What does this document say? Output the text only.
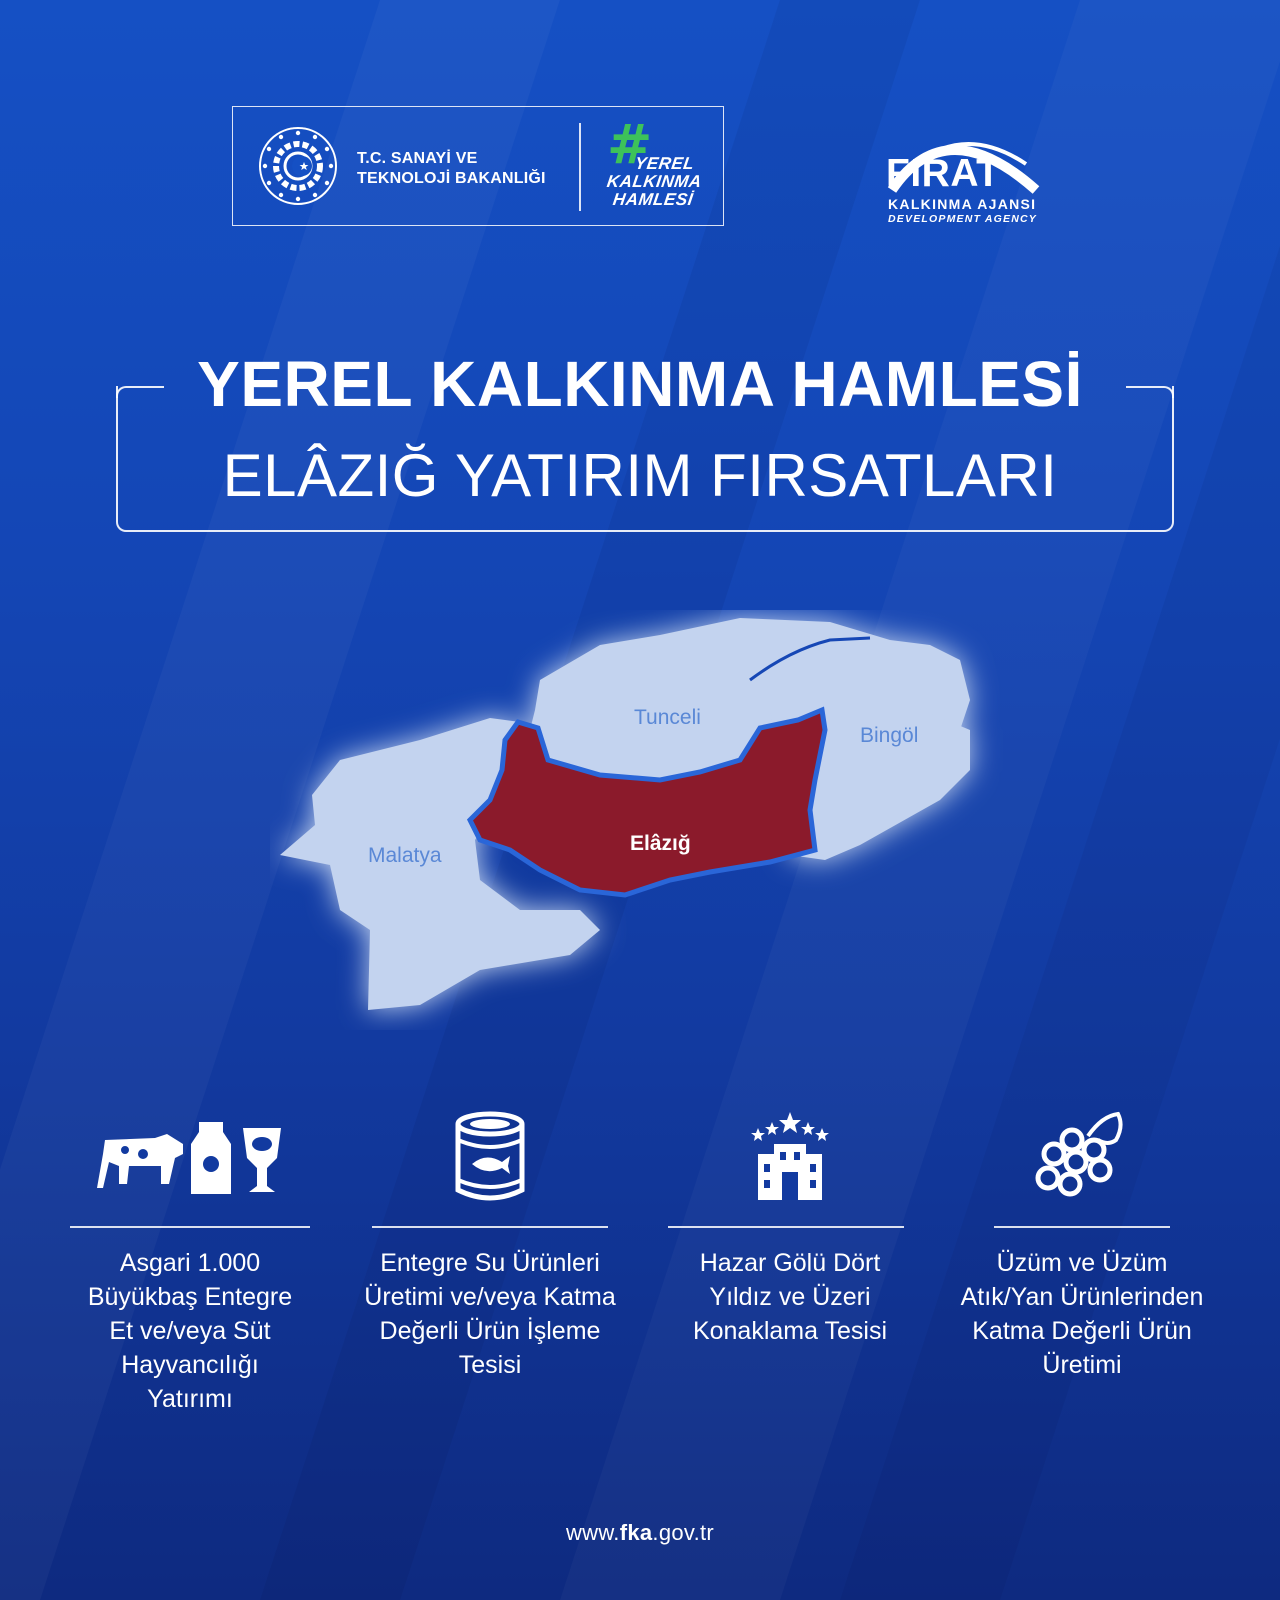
T.C. SANAYİ VE
TEKNOLOJİ BAKANLIĞI
#
YEREL
KALKINMA
HAMLESİ
FIRAT
KALKINMA AJANSI
DEVELOPMENT AGENCY
YEREL KALKINMA HAMLESİ
ELÂZIĞ YATIRIM FIRSATLARI
Tunceli
Bingöl
Malatya
Elâzığ
Asgari 1.000
Büyükbaş Entegre
Et ve/veya Süt
Hayvancılığı
Yatırımı
Entegre Su Ürünleri
Üretimi ve/veya Katma
Değerli Ürün İşleme
Tesisi
Hazar Gölü Dört
Yıldız ve Üzeri
Konaklama Tesisi
Üzüm ve Üzüm
Atık/Yan Ürünlerinden
Katma Değerli Ürün
Üretimi
www.fka.gov.tr
